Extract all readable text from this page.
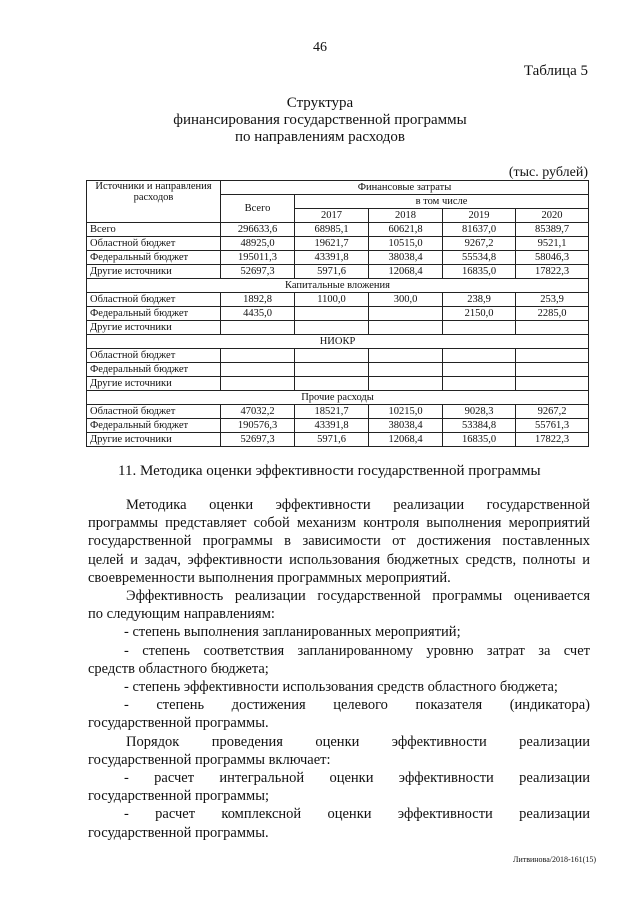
46
Таблица 5
Структура
финансирования государственной программы
по направлениям расходов
(тыс. рублей)
Источники и направления расходов	Финансовые затраты				
	Всего	в том числе			
		2017	2018	2019	2020
Всего	296633,6	68985,1	60621,8	81637,0	85389,7
Областной бюджет	48925,0	19621,7	10515,0	9267,2	9521,1
Федеральный бюджет	195011,3	43391,8	38038,4	55534,8	58046,3
Другие источники	52697,3	5971,6	12068,4	16835,0	17822,3
Капитальные вложения					
Областной бюджет	1892,8	1100,0	300,0	238,9	253,9
Федеральный бюджет	4435,0			2150,0	2285,0
Другие источники					
НИОКР					
Областной бюджет					
Федеральный бюджет					
Другие источники					
Прочие расходы					
Областной бюджет	47032,2	18521,7	10215,0	9028,3	9267,2
Федеральный бюджет	190576,3	43391,8	38038,4	53384,8	55761,3
Другие источники	52697,3	5971,6	12068,4	16835,0	17822,3
11. Методика оценки эффективности государственной программы

Методика оценки эффективности реализации государственной

программы представляет собой механизм контроля выполнения мероприятий

государственной программы в зависимости от достижения поставленных

целей и задач, эффективности использования бюджетных средств, полноты и

своевременности выполнения программных мероприятий.

Эффективность реализации государственной программы оценивается

по следующим направлениям:

- степень выполнения запланированных мероприятий;

- степень соответствия запланированному уровню затрат за счет

средств областного бюджета;

- степень эффективности использования средств областного бюджета;

- степень достижения целевого показателя (индикатора)

государственной программы.

Порядок проведения оценки эффективности реализации

государственной программы включает:

- расчет интегральной оценки эффективности реализации

государственной программы;

- расчет комплексной оценки эффективности реализации

государственной программы.

Литвинова/2018-161(15)
